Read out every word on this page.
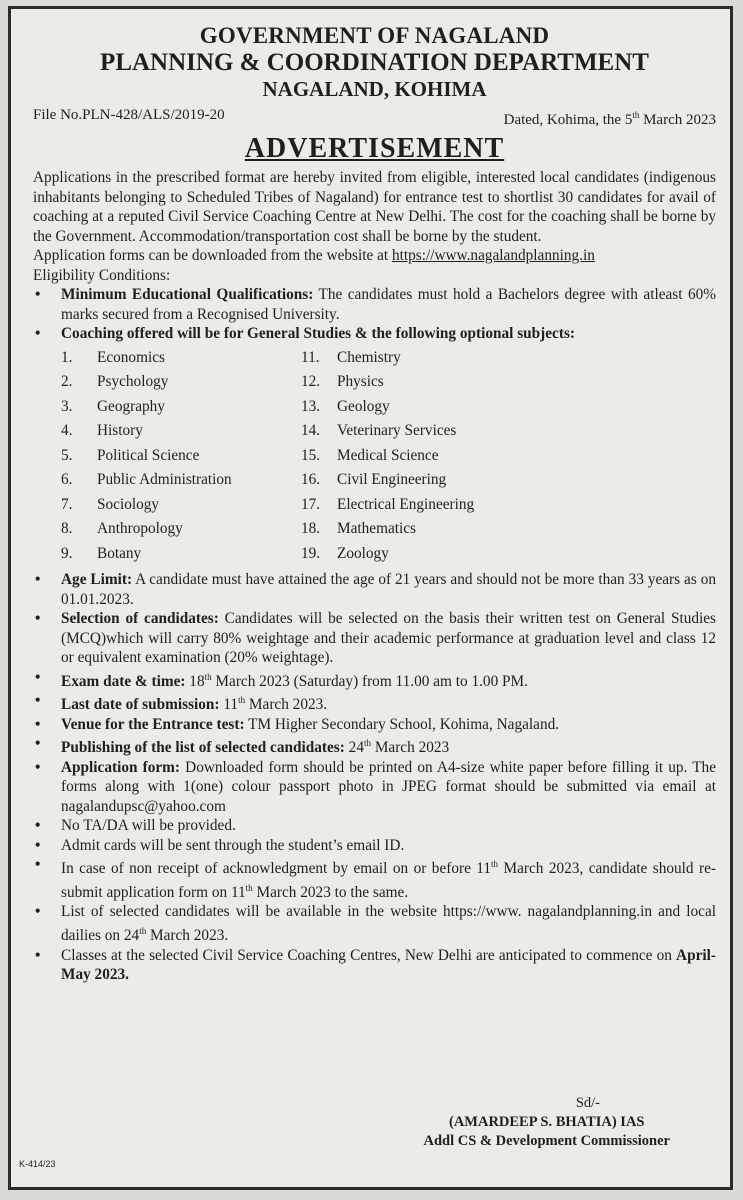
GOVERNMENT OF NAGALAND
PLANNING & COORDINATION DEPARTMENT
NAGALAND, KOHIMA
File No.PLN-428/ALS/2019-20	Dated, Kohima, the 5th March 2023
ADVERTISEMENT
Applications in the prescribed format are hereby invited from eligible, interested local candidates (indigenous inhabitants belonging to Scheduled Tribes of Nagaland) for entrance test to shortlist 30 candidates for avail of coaching at a reputed Civil Service Coaching Centre at New Delhi. The cost for the coaching shall be borne by the Government. Accommodation/transportation cost shall be borne by the student.
Application forms can be downloaded from the website at https://www.nagalandplanning.in
Eligibility Conditions:
• Minimum Educational Qualifications: The candidates must hold a Bachelors degree with atleast 60% marks secured from a Recognised University.
• Coaching offered will be for General Studies & the following optional subjects:
1.	Economics
2.	Psychology
3.	Geography
4.	History
5.	Political Science
6.	Public Administration
7.	Sociology
8.	Anthropology
9.	Botany
11.	Chemistry
12.	Physics
13.	Geology
14.	Veterinary Services
15.	Medical Science
16.	Civil Engineering
17.	Electrical Engineering
18.	Mathematics
19.	Zoology
• Age Limit: A candidate must have attained the age of 21 years and should not be more than 33 years as on 01.01.2023.
• Selection of candidates: Candidates will be selected on the basis their written test on General Studies (MCQ)which will carry 80% weightage and their academic performance at graduation level and class 12 or equivalent examination (20% weightage).
• Exam date & time: 18th March 2023 (Saturday) from 11.00 am to 1.00 PM.
• Last date of submission: 11th March 2023.
• Venue for the Entrance test: TM Higher Secondary School, Kohima, Nagaland.
• Publishing of the list of selected candidates: 24th March 2023
• Application form: Downloaded form should be printed on A4-size white paper before filling it up. The forms along with 1(one) colour passport photo in JPEG format should be submitted via email at nagalandupsc@yahoo.com
• No TA/DA will be provided.
• Admit cards will be sent through the student’s email ID.
• In case of non receipt of acknowledgment by email on or before 11th March 2023, candidate should re-submit application form on 11th March 2023 to the same.
• List of selected candidates will be available in the website https://www. nagalandplanning.in and local dailies on 24th March 2023.
• Classes at the selected Civil Service Coaching Centres, New Delhi are anticipated to commence on April-May 2023.
Sd/-
(AMARDEEP S. BHATIA) IAS
Addl CS & Development Commissioner
K-414/23
